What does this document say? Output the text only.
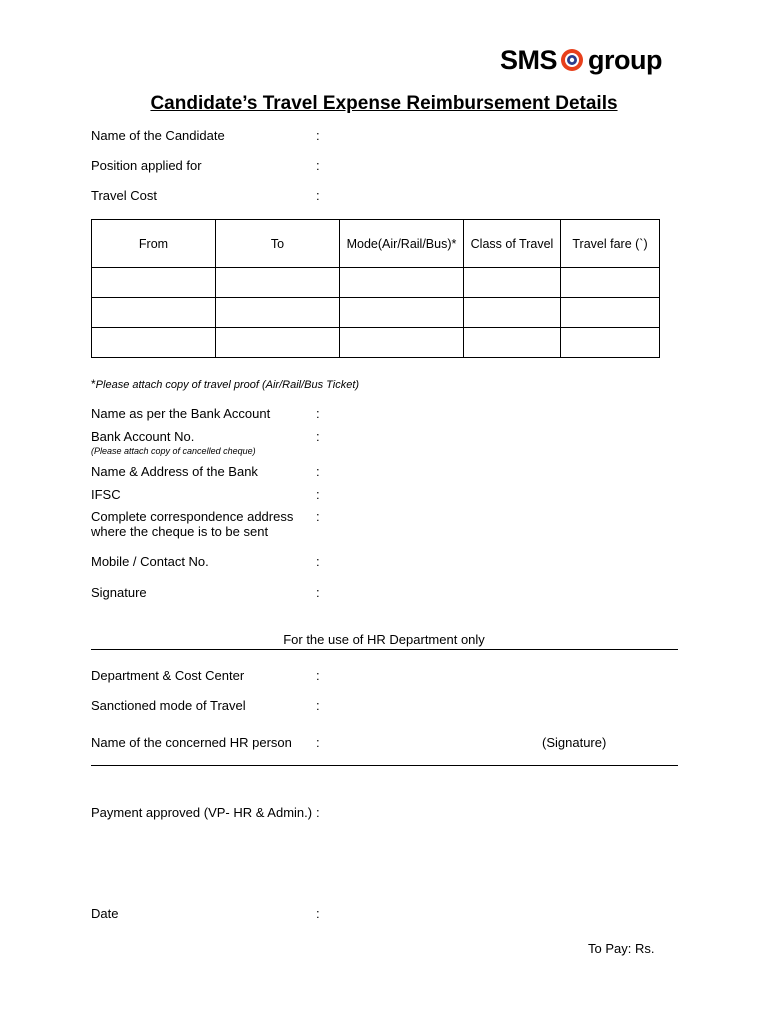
SMS group
Candidate’s Travel Expense Reimbursement Details
Name of the Candidate	:
Position applied for	:
Travel Cost	:
From	To	Mode(Air/Rail/Bus)*	Class of Travel	Travel fare (`)

*Please attach copy of travel proof (Air/Rail/Bus Ticket)
Name as per the Bank Account	:
Bank Account No.
(Please attach copy of cancelled cheque)
:
Name & Address of the Bank	:
IFSC	:
Complete correspondence address
where the cheque is to be sent
:
Mobile / Contact No.	:
Signature	:
For the use of HR Department only
Department & Cost Center	:
Sanctioned mode of Travel	:
Name of the concerned HR person :	(Signature)
Payment approved (VP- HR & Admin.) :
Date	:
To Pay: Rs.
